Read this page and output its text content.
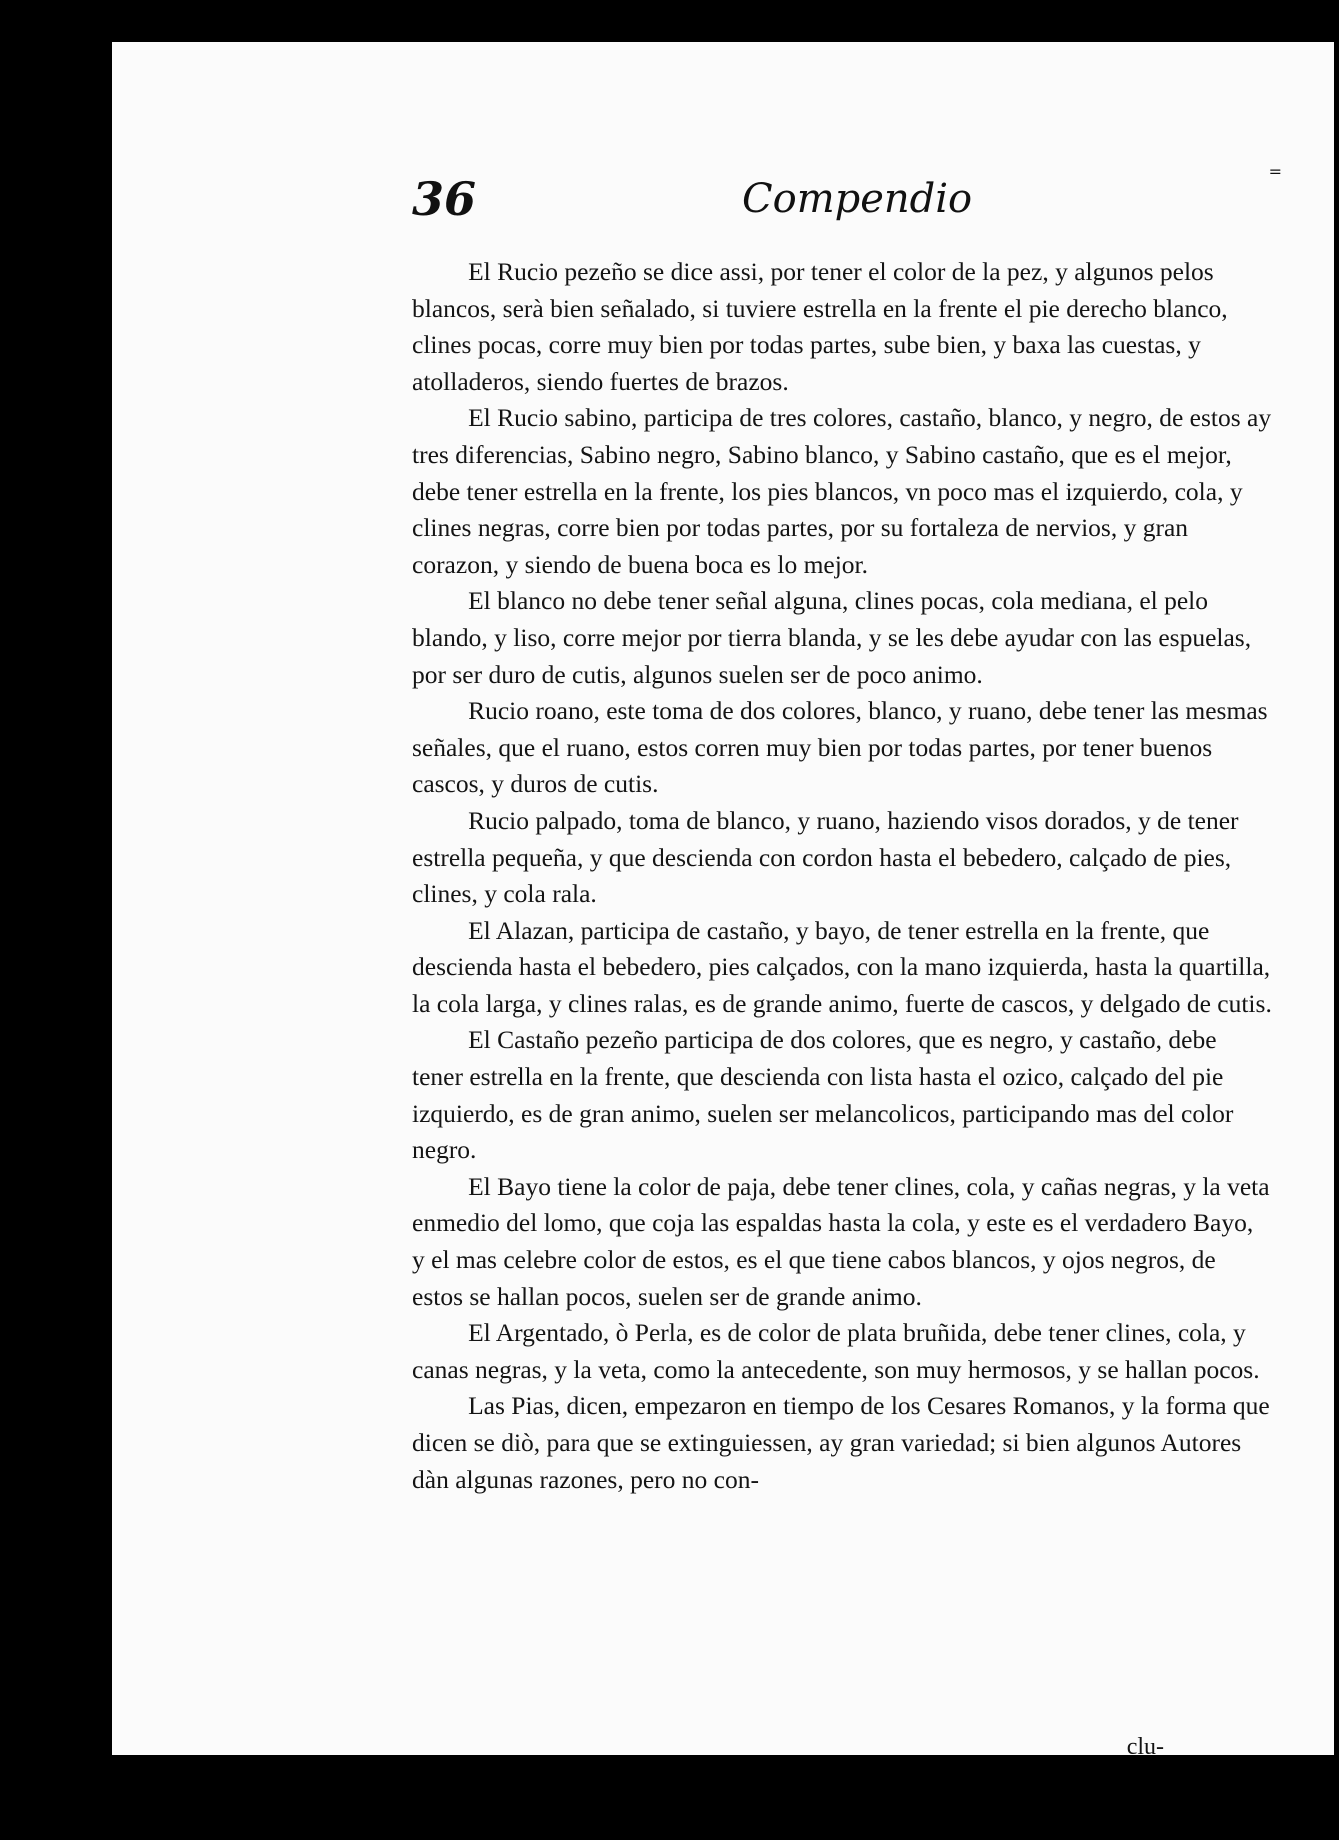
36	Compendio
=

El Rucio pezeño se dice assi, por tener el color de la pez, y algunos pelos blancos, serà bien señalado, si tuviere estrella en la frente el pie derecho blanco, clines pocas, corre muy bien por todas partes, sube bien, y baxa las cuestas, y atolladeros, siendo fuertes de brazos.

El Rucio sabino, participa de tres colores, castaño, blanco, y negro, de estos ay tres diferencias, Sabino negro, Sabino blanco, y Sabino castaño, que es el mejor, debe tener estrella en la frente, los pies blancos, vn poco mas el izquierdo, cola, y clines negras, corre bien por todas partes, por su fortaleza de nervios, y gran corazon, y siendo de buena boca es lo mejor.

El blanco no debe tener señal alguna, clines pocas, cola mediana, el pelo blando, y liso, corre mejor por tierra blanda, y se les debe ayudar con las espuelas, por ser duro de cutis, algunos suelen ser de poco animo.

Rucio roano, este toma de dos colores, blanco, y ruano, debe tener las mesmas señales, que el ruano, estos corren muy bien por todas partes, por tener buenos cascos, y duros de cutis.

Rucio palpado, toma de blanco, y ruano, haziendo visos dorados, y de tener estrella pequeña, y que descienda con cordon hasta el bebedero, calçado de pies, clines, y cola rala.

El Alazan, participa de castaño, y bayo, de tener estrella en la frente, que descienda hasta el bebedero, pies calçados, con la mano izquierda, hasta la quartilla, la cola larga, y clines ralas, es de grande animo, fuerte de cascos, y delgado de cutis.

El Castaño pezeño participa de dos colores, que es negro, y castaño, debe tener estrella en la frente, que descienda con lista hasta el ozico, calçado del pie izquierdo, es de gran animo, suelen ser melancolicos, participando mas del color negro.

El Bayo tiene la color de paja, debe tener clines, cola, y cañas negras, y la veta enmedio del lomo, que coja las espaldas hasta la cola, y este es el verdadero Bayo, y el mas celebre color de estos, es el que tiene cabos blancos, y ojos negros, de estos se hallan pocos, suelen ser de grande animo.

El Argentado, ò Perla, es de color de plata bruñida, debe tener clines, cola, y canas negras, y la veta, como la antecedente, son muy hermosos, y se hallan pocos.

Las Pias, dicen, empezaron en tiempo de los Cesares Romanos, y la forma que dicen se diò, para que se extinguiessen, ay gran variedad; si bien algunos Autores dàn algunas razones, pero no con-

clu-
